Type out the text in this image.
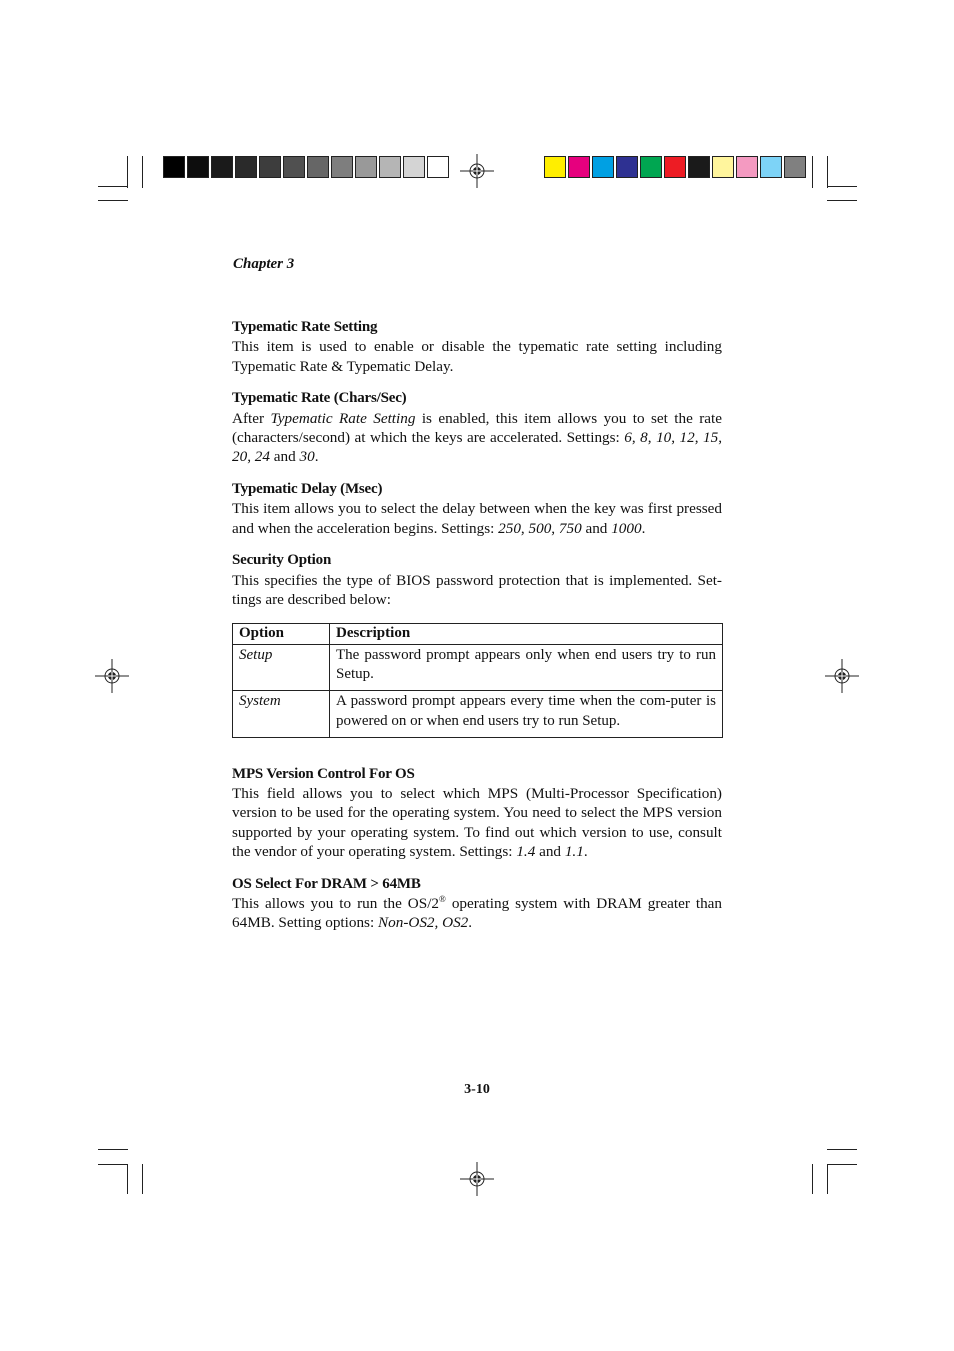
Chapter 3
Typematic Rate Setting

This item is used to enable or disable the typematic rate setting including Typematic Rate & Typematic Delay.

Typematic Rate (Chars/Sec)

After Typematic Rate Setting is enabled, this item allows you to set the rate (characters/second) at which the keys are accelerated. Settings: 6, 8, 10, 12, 15, 20, 24 and 30.

Typematic Delay (Msec)

This item allows you to select the delay between when the key was first pressed and when the acceleration begins. Settings: 250, 500, 750 and 1000.

Security Option

This specifies the type of BIOS password protection that is implemented. Set-tings are described below:

Option	Description
Setup	The password prompt appears only when end users try to run Setup.
System	A password prompt appears every time when the com-puter is powered on or when end users try to run Setup.
MPS Version Control For OS

This field allows you to select which MPS (Multi-Processor Specification) version to be used for the operating system. You need to select the MPS version supported by your operating system. To find out which version to use, consult the vendor of your operating system. Settings: 1.4 and 1.1.

OS Select For DRAM > 64MB

This allows you to run the OS/2® operating system with DRAM greater than 64MB. Setting options: Non-OS2, OS2.

3-10
